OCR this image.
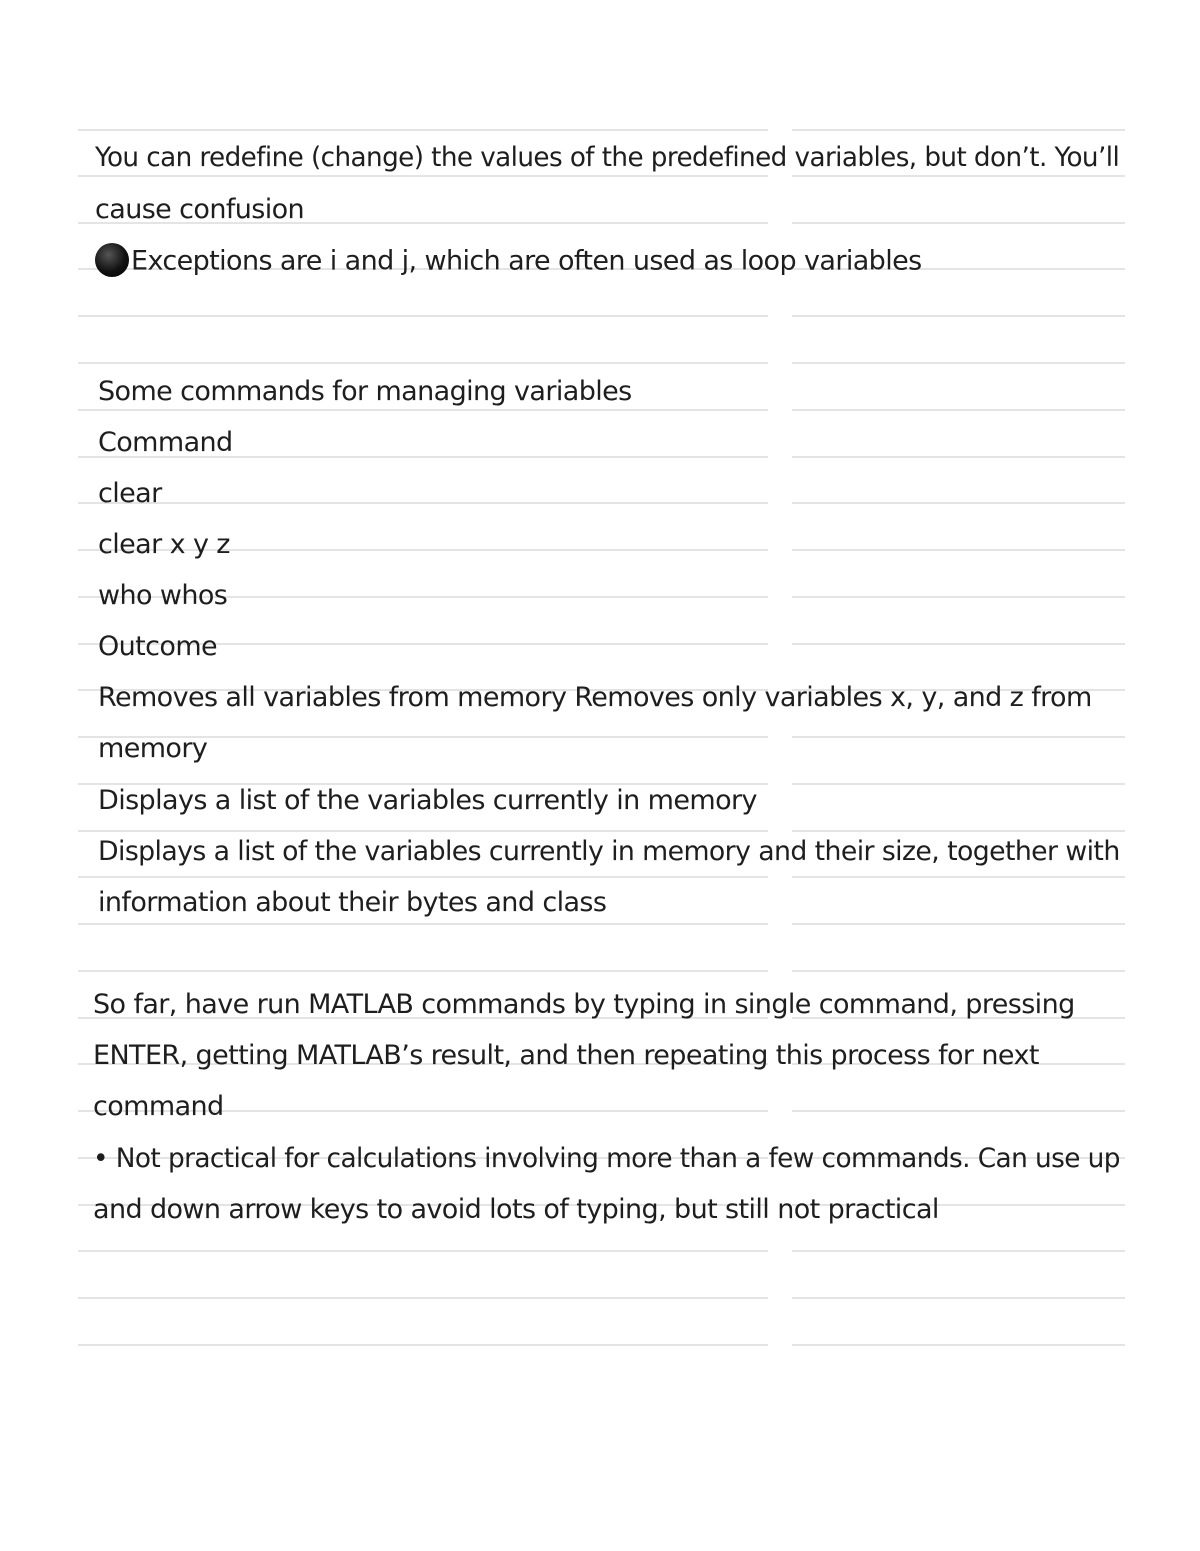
You can redefine (change) the values of the predefined variables, but don’t. You’ll
cause confusion
Exceptions are i and j, which are often used as loop variables
Some commands for managing variables
Command
clear
clear x y z
who whos
Outcome
Removes all variables from memory Removes only variables x, y, and z from
memory
Displays a list of the variables currently in memory
Displays a list of the variables currently in memory and their size, together with
information about their bytes and class
So far, have run MATLAB commands by typing in single command, pressing
ENTER, getting MATLAB’s result, and then repeating this process for next
command
• Not practical for calculations involving more than a few commands. Can use up
and down arrow keys to avoid lots of typing, but still not practical
